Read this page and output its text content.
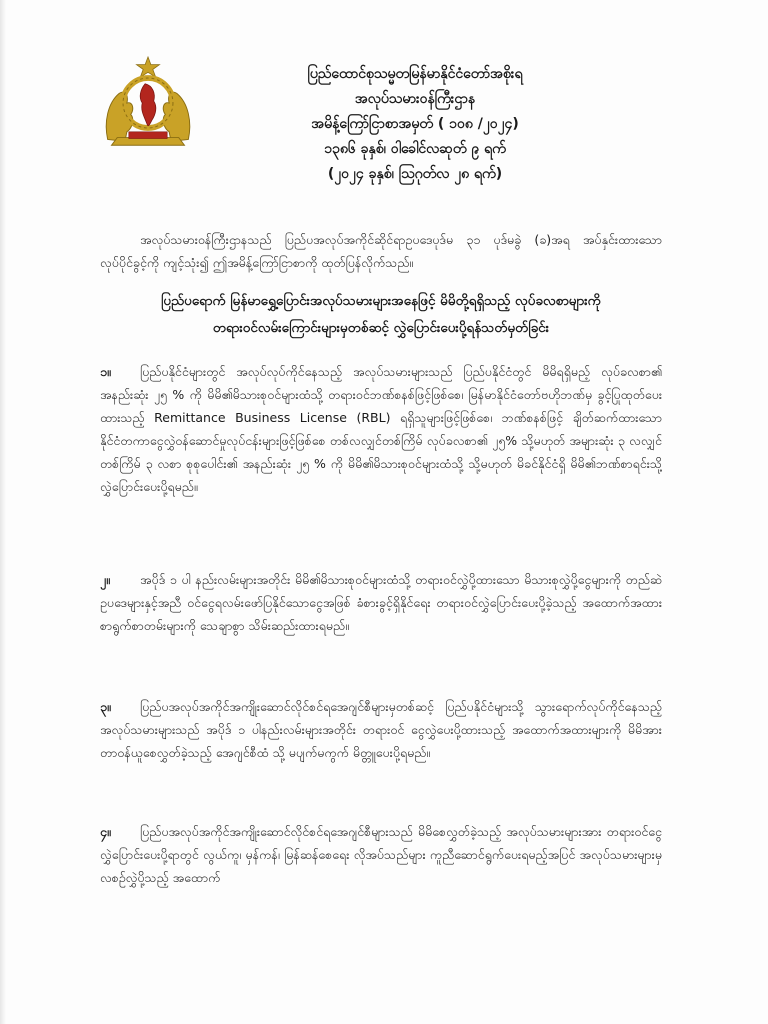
ပြည်ထောင်စုသမ္မတမြန်မာနိုင်ငံတော်အစိုးရ
အလုပ်သမားဝန်ကြီးဌာန
အမိန့်ကြော်ငြာစာအမှတ် ( ၁၀၈ /၂၀၂၄)
၁၃၈၆ ခုနှစ်၊ ဝါခေါင်လဆုတ် ၉ ရက်
(၂၀၂၄ ခုနှစ်၊ ဩဂုတ်လ ၂၈ ရက်)
အလုပ်သမားဝန်ကြီးဌာနသည် ပြည်ပအလုပ်အကိုင်ဆိုင်ရာဥပဒေပုဒ်မ ၃၁ ပုဒ်မခွဲ (ခ)အရ အပ်နှင်းထားသော လုပ်ပိုင်ခွင့်ကို ကျင့်သုံး၍ ဤအမိန့်ကြော်ငြာစာကို ထုတ်ပြန်လိုက်သည်။
ပြည်ပရောက် မြန်မာရွှေ့ပြောင်းအလုပ်သမားများအနေဖြင့် မိမိတို့ရရှိသည့် လုပ်ခလစာများကို
တရားဝင်လမ်းကြောင်းများမှတစ်ဆင့် လွှဲပြောင်းပေးပို့ရန်သတ်မှတ်ခြင်း
၁။ ပြည်ပနိုင်ငံများတွင် အလုပ်လုပ်ကိုင်နေသည့် အလုပ်သမားများသည် ပြည်ပနိုင်ငံတွင် မိမိရရှိမည့် လုပ်ခလစာ၏ အနည်းဆုံး ၂၅ % ကို မိမိ၏မိသားစုဝင်များထံသို့ တရားဝင်ဘဏ်စနစ်ဖြင့်ဖြစ်စေ၊ မြန်မာနိုင်ငံတော်ဗဟိုဘဏ်မှ ခွင့်ပြုထုတ်ပေးထားသည့် Remittance Business License (RBL) ရရှိသူများဖြင့်ဖြစ်စေ၊ ဘဏ်စနစ်ဖြင့် ချိတ်ဆက်ထားသော နိုင်ငံတကာငွေလွှဲဝန်ဆောင်မှုလုပ်ငန်းများဖြင့်ဖြစ်စေ တစ်လလျှင်တစ်ကြိမ် လုပ်ခလစာ၏ ၂၅% သို့မဟုတ် အများဆုံး ၃ လလျှင် တစ်ကြိမ် ၃ လစာ စုစုပေါင်း၏ အနည်းဆုံး ၂၅ % ကို မိမိ၏မိသားစုဝင်များထံသို့ သို့မဟုတ် မိခင်နိုင်ငံရှိ မိမိ၏ဘဏ်စာရင်းသို့ လွှဲပြောင်းပေးပို့ရမည်။
၂။ အပိုဒ် ၁ ပါ နည်းလမ်းများအတိုင်း မိမိ၏မိသားစုဝင်များထံသို့ တရားဝင်လွှဲပို့ထားသော မိသားစုလွှဲပို့ငွေများကို တည်ဆဲဥပဒေများနှင့်အညီ ဝင်ငွေရလမ်းဖော်ပြနိုင်သောငွေအဖြစ် ခံစားခွင့်ရှိနိုင်ရေး တရားဝင်လွှဲပြောင်းပေးပို့ခဲ့သည့် အထောက်အထား စာရွက်စာတမ်းများကို သေချာစွာ သိမ်းဆည်းထားရမည်။
၃။ ပြည်ပအလုပ်အကိုင်အကျိုးဆောင်လိုင်စင်ရအေဂျင်စီများမှတစ်ဆင့် ပြည်ပနိုင်ငံများသို့ သွားရောက်လုပ်ကိုင်နေသည့် အလုပ်သမားများသည် အပိုဒ် ၁ ပါနည်းလမ်းများအတိုင်း တရားဝင် ငွေလွှဲပေးပို့ထားသည့် အထောက်အထားများကို မိမိအားတာဝန်ယူစေလွှတ်ခဲ့သည့် အေဂျင်စီထံ သို့ မပျက်မကွက် မိတ္တူပေးပို့ရမည်။
၄။ ပြည်ပအလုပ်အကိုင်အကျိုးဆောင်လိုင်စင်ရအေဂျင်စီများသည် မိမိစေလွှတ်ခဲ့သည့် အလုပ်သမားများအား တရားဝင်ငွေလွှဲပြောင်းပေးပို့ရာတွင် လွယ်ကူ၊ မှန်ကန်၊ မြန်ဆန်စေရေး လိုအပ်သည်များ ကူညီဆောင်ရွက်ပေးရမည့်အပြင် အလုပ်သမားများမှ လစဉ်လွှဲပို့သည့် အထောက်
